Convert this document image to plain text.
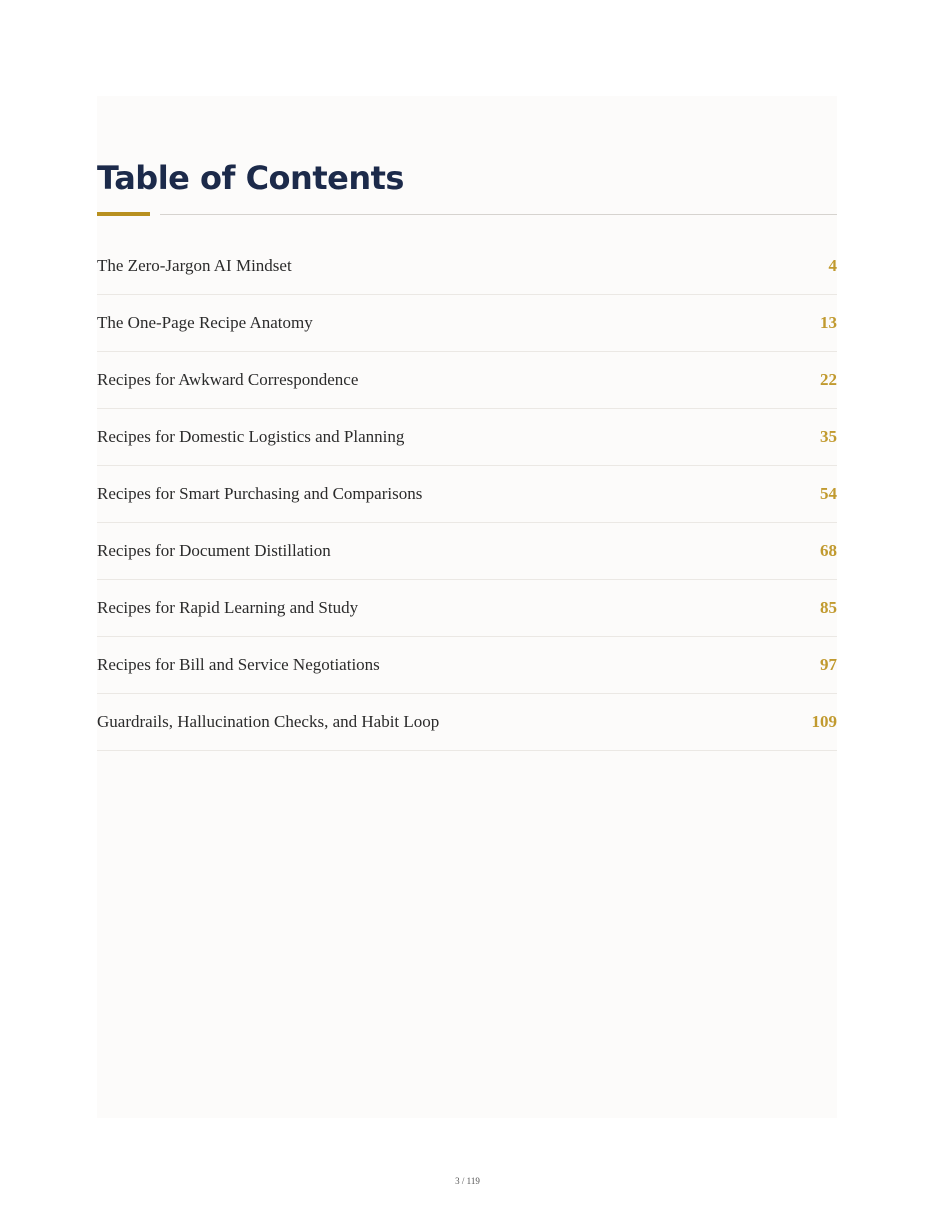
Table of Contents
The Zero-Jargon AI Mindset	4
The One-Page Recipe Anatomy	13
Recipes for Awkward Correspondence	22
Recipes for Domestic Logistics and Planning	35
Recipes for Smart Purchasing and Comparisons	54
Recipes for Document Distillation	68
Recipes for Rapid Learning and Study	85
Recipes for Bill and Service Negotiations	97
Guardrails, Hallucination Checks, and Habit Loop	109
3 / 119
